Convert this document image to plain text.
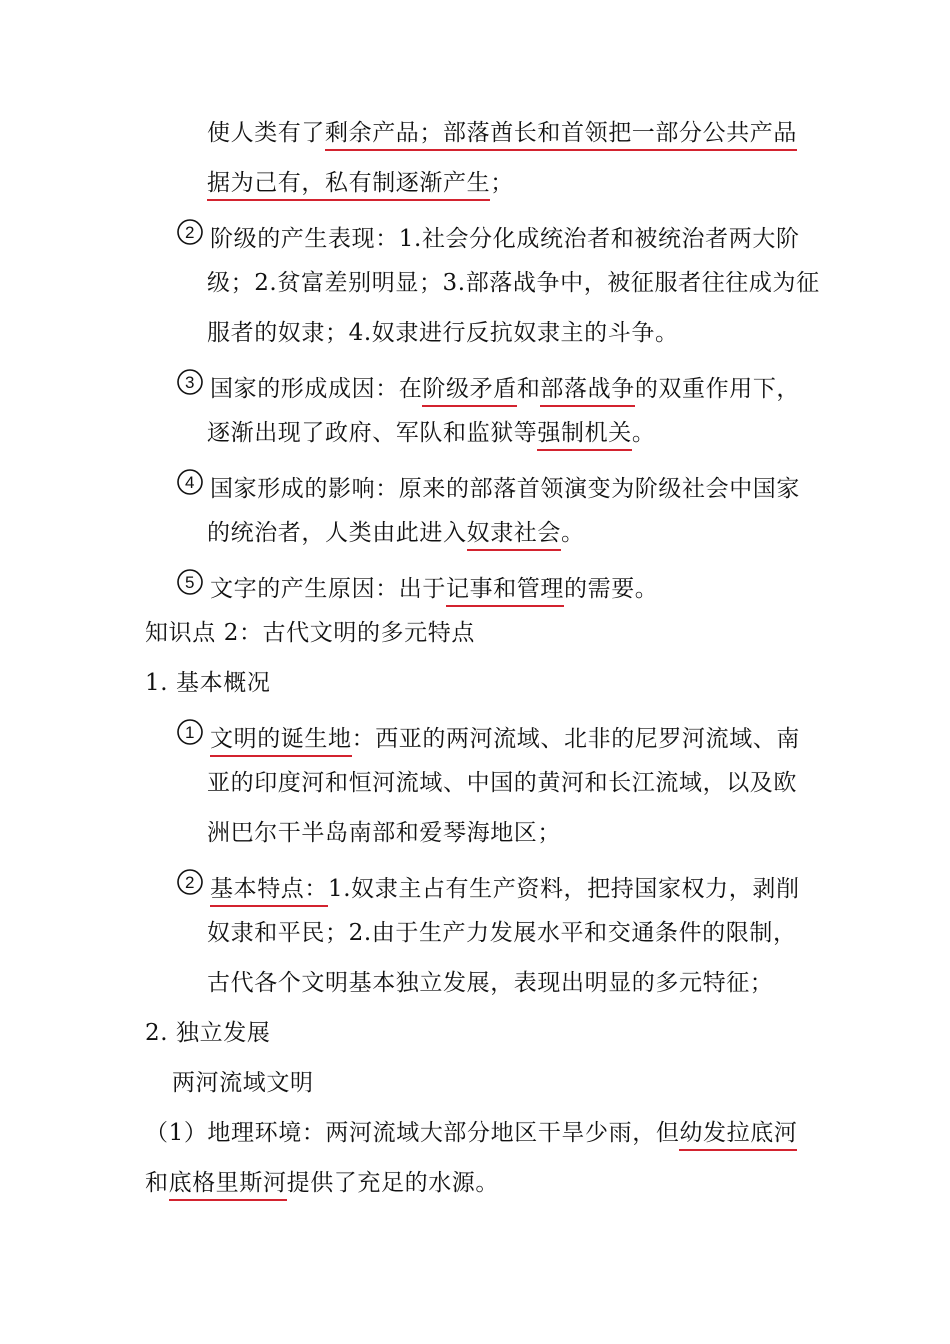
使人类有了剩余产品；部落酋长和首领把一部分公共产品
据为己有，私有制逐渐产生；
2 阶级的产生表现：1.社会分化成统治者和被统治者两大阶
级；2.贫富差别明显；3.部落战争中，被征服者往往成为征
服者的奴隶；4.奴隶进行反抗奴隶主的斗争。
3 国家的形成成因：在阶级矛盾和部落战争的双重作用下，
逐渐出现了政府、军队和监狱等强制机关。
4 国家形成的影响：原来的部落首领演变为阶级社会中国家
的统治者，人类由此进入奴隶社会。
5 文字的产生原因：出于记事和管理的需要。
知识点 2：古代文明的多元特点
1. 基本概况
1 文明的诞生地：西亚的两河流域、北非的尼罗河流域、南
亚的印度河和恒河流域、中国的黄河和长江流域，以及欧
洲巴尔干半岛南部和爱琴海地区；
2 基本特点：1.奴隶主占有生产资料，把持国家权力，剥削
奴隶和平民；2.由于生产力发展水平和交通条件的限制，
古代各个文明基本独立发展，表现出明显的多元特征；
2. 独立发展
两河流域文明
（1）地理环境：两河流域大部分地区干旱少雨，但幼发拉底河
和底格里斯河提供了充足的水源。
